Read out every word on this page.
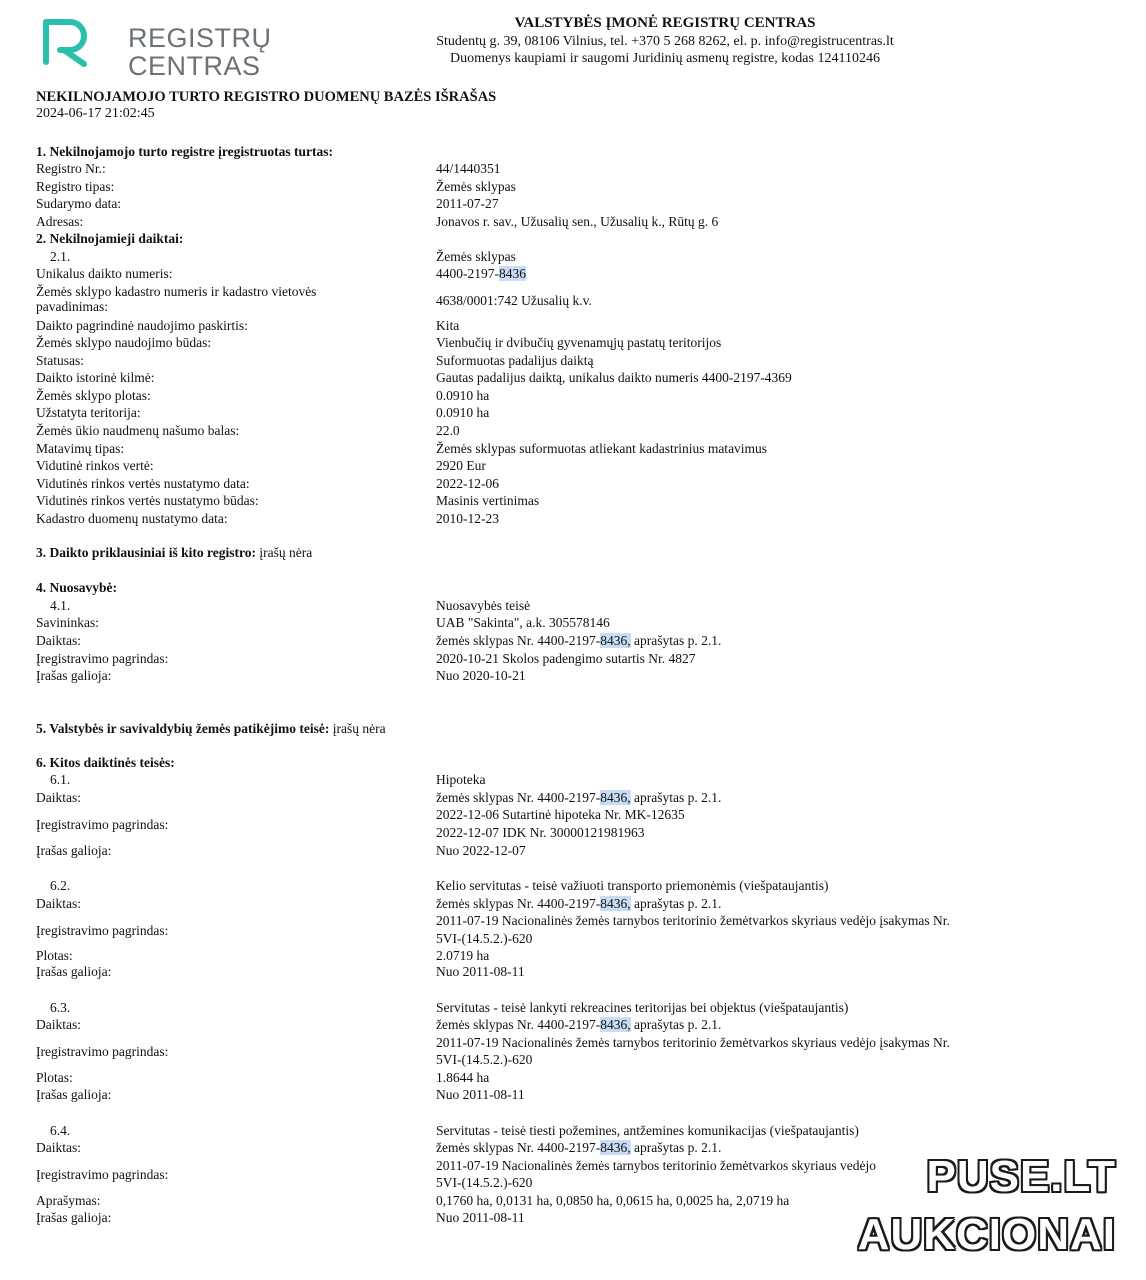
REGISTRŲ
CENTRAS
VALSTYBĖS ĮMONĖ REGISTRŲ CENTRAS
Studentų g. 39, 08106 Vilnius, tel. +370 5 268 8262, el. p. info@registrucentras.lt
Duomenys kaupiami ir saugomi Juridinių asmenų registre, kodas 124110246
NEKILNOJAMOJO TURTO REGISTRO DUOMENŲ BAZĖS IŠRAŠAS
2024-06-17 21:02:45
1. Nekilnojamojo turto registre įregistruotas turtas:
Registro Nr.:	44/1440351
Registro tipas:	Žemės sklypas
Sudarymo data:	2011-07-27
Adresas:	Jonavos r. sav., Užusalių sen., Užusalių k., Rūtų g. 6
2. Nekilnojamieji daiktai:
2.1.	Žemės sklypas
Unikalus daikto numeris:	4400-2197-8436
Žemės sklypo kadastro numeris ir kadastro vietovės
pavadinimas:	4638/0001:742 Užusalių k.v.
Daikto pagrindinė naudojimo paskirtis:	Kita
Žemės sklypo naudojimo būdas:	Vienbučių ir dvibučių gyvenamųjų pastatų teritorijos
Statusas:	Suformuotas padalijus daiktą
Daikto istorinė kilmė:	Gautas padalijus daiktą, unikalus daikto numeris 4400-2197-4369
Žemės sklypo plotas:	0.0910 ha
Užstatyta teritorija:	0.0910 ha
Žemės ūkio naudmenų našumo balas:	22.0
Matavimų tipas:	Žemės sklypas suformuotas atliekant kadastrinius matavimus
Vidutinė rinkos vertė:	2920 Eur
Vidutinės rinkos vertės nustatymo data:	2022-12-06
Vidutinės rinkos vertės nustatymo būdas:	Masinis vertinimas
Kadastro duomenų nustatymo data:	2010-12-23
3. Daikto priklausiniai iš kito registro: įrašų nėra
4. Nuosavybė:
4.1.	Nuosavybės teisė
Savininkas:	UAB "Sakinta", a.k. 305578146
Daiktas:	žemės sklypas Nr. 4400-2197-8436, aprašytas p. 2.1.
Įregistravimo pagrindas:	2020-10-21 Skolos padengimo sutartis Nr. 4827
Įrašas galioja:	Nuo 2020-10-21
5. Valstybės ir savivaldybių žemės patikėjimo teisė: įrašų nėra
6. Kitos daiktinės teisės:
6.1.	Hipoteka
Daiktas:	žemės sklypas Nr. 4400-2197-8436, aprašytas p. 2.1.
Įregistravimo pagrindas:
2022-12-06 Sutartinė hipoteka Nr. MK-12635
2022-12-07 IDK Nr. 30000121981963
Įrašas galioja:	Nuo 2022-12-07
6.2.	Kelio servitutas - teisė važiuoti transporto priemonėmis (viešpataujantis)
Daiktas:	žemės sklypas Nr. 4400-2197-8436, aprašytas p. 2.1.
Įregistravimo pagrindas:
2011-07-19 Nacionalinės žemės tarnybos teritorinio žemėtvarkos skyriaus vedėjo įsakymas Nr.
5VI-(14.5.2.)-620
Plotas:	2.0719 ha
Įrašas galioja:	Nuo 2011-08-11
6.3.	Servitutas - teisė lankyti rekreacines teritorijas bei objektus (viešpataujantis)
Daiktas:	žemės sklypas Nr. 4400-2197-8436, aprašytas p. 2.1.
Įregistravimo pagrindas:
2011-07-19 Nacionalinės žemės tarnybos teritorinio žemėtvarkos skyriaus vedėjo įsakymas Nr.
5VI-(14.5.2.)-620
Plotas:	1.8644 ha
Įrašas galioja:	Nuo 2011-08-11
6.4.	Servitutas - teisė tiesti požemines, antžemines komunikacijas (viešpataujantis)
Daiktas:	žemės sklypas Nr. 4400-2197-8436, aprašytas p. 2.1.
Įregistravimo pagrindas:
2011-07-19 Nacionalinės žemės tarnybos teritorinio žemėtvarkos skyriaus vedėjo
5VI-(14.5.2.)-620
Aprašymas:	0,1760 ha, 0,0131 ha, 0,0850 ha, 0,0615 ha, 0,0025 ha, 2,0719 ha
Įrašas galioja:	Nuo 2011-08-11
PUSE.LT
AUKCIONAI
